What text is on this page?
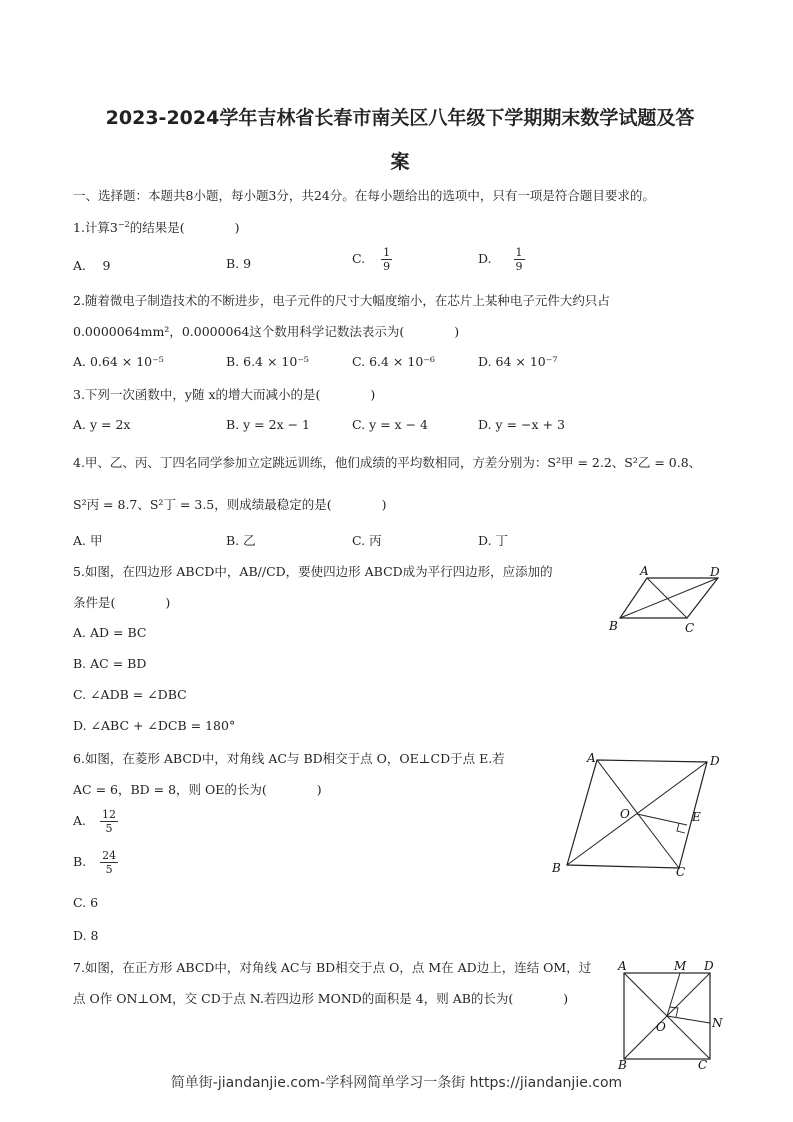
2023-2024学年吉林省长春市南关区八年级下学期期末数学试题及答
案
一、选择题：本题共8小题，每小题3分，共24分。在每小题给出的选项中，只有一项是符合题目要求的。
1.计算$3^{-2}$的结果是(　　　　)
A.　 9	B. 9	C. $\frac{1}{9}$	D. $\frac{1}{9}$
2.随着微电子制造技术的不断进步，电子元件的尺寸大幅度缩小，在芯片上某种电子元件大约只占
0.0000064mm²，0.0000064这个数用科学记数法表示为(　　　　)
A. 0.64 × 10⁻⁵	B. 6.4 × 10⁻⁵	C. 6.4 × 10⁻⁶	D. 64 × 10⁻⁷
3.下列一次函数中，y随 x的增大而减小的是(　　　　)
A. y = 2x	B. y = 2x − 1	C. y = x − 4	D. y = −x + 3
4.甲、乙、丙、丁四名同学参加立定跳远训练，他们成绩的平均数相同，方差分别为：S²甲 = 2.2、S²乙 = 0.8、
S²丙 = 8.7、S²丁 = 3.5，则成绩最稳定的是(　　　　)
A. 甲	B. 乙	C. 丙	D. 丁
5.如图，在四边形 ABCD中，AB//CD，要使四边形 ABCD成为平行四边形，应添加的
条件是(　　　　)
A. AD = BC
B. AC = BD
C. ∠ADB = ∠DBC
D. ∠ABC + ∠DCB = 180°
A	D
B	C
6.如图，在菱形 ABCD中，对角线 AC与 BD相交于点 O，OE⊥CD于点 E.若
AC = 6，BD = 8，则 OE的长为(　　　　)
A. $\frac{12}{5}$
B. $\frac{24}{5}$
C. 6
D. 8
A	D
O	E
B	C
7.如图，在正方形 ABCD中，对角线 AC与 BD相交于点 O，点 M在 AD边上，连结 OM，过
点 O作 ON⊥OM，交 CD于点 N.若四边形 MOND的面积是 4，则 AB的长为(　　　　)
A	M D
O	N
B	C
简单街-jiandanjie.com-学科网简单学习一条街 https://jiandanjie.com
